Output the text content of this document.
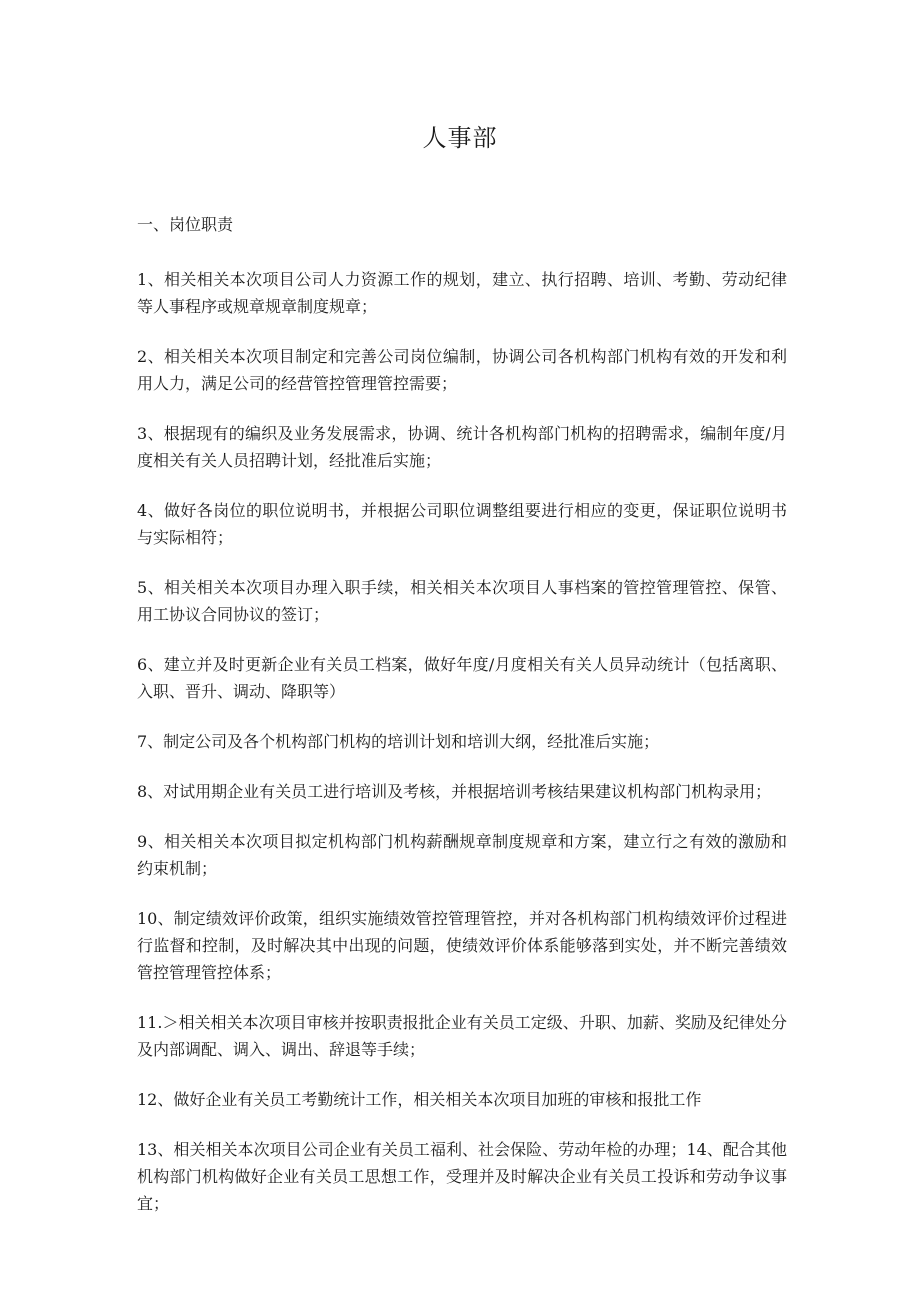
人事部

一、岗位职责

1、相关相关本次项目公司人力资源工作的规划，建立、执行招聘、培训、考勤、劳动纪律等人事程序或规章规章制度规章；

2、相关相关本次项目制定和完善公司岗位编制，协调公司各机构部门机构有效的开发和利用人力，满足公司的经营管控管理管控需要；

3、根据现有的编织及业务发展需求，协调、统计各机构部门机构的招聘需求，编制年度/月度相关有关人员招聘计划，经批准后实施；

4、做好各岗位的职位说明书，并根据公司职位调整组要进行相应的变更，保证职位说明书与实际相符；

5、相关相关本次项目办理入职手续，相关相关本次项目人事档案的管控管理管控、保管、用工协议合同协议的签订；

6、建立并及时更新企业有关员工档案，做好年度/月度相关有关人员异动统计（包括离职、入职、晋升、调动、降职等）

7、制定公司及各个机构部门机构的培训计划和培训大纲，经批准后实施；

8、对试用期企业有关员工进行培训及考核，并根据培训考核结果建议机构部门机构录用；

9、相关相关本次项目拟定机构部门机构薪酬规章制度规章和方案，建立行之有效的激励和约束机制；

10、制定绩效评价政策，组织实施绩效管控管理管控，并对各机构部门机构绩效评价过程进行监督和控制，及时解决其中出现的问题，使绩效评价体系能够落到实处，并不断完善绩效管控管理管控体系；

11.＞相关相关本次项目审核并按职责报批企业有关员工定级、升职、加薪、奖励及纪律处分及内部调配、调入、调出、辞退等手续；

12、做好企业有关员工考勤统计工作，相关相关本次项目加班的审核和报批工作

13、相关相关本次项目公司企业有关员工福利、社会保险、劳动年检的办理；14、配合其他机构部门机构做好企业有关员工思想工作，受理并及时解决企业有关员工投诉和劳动争议事宜；
